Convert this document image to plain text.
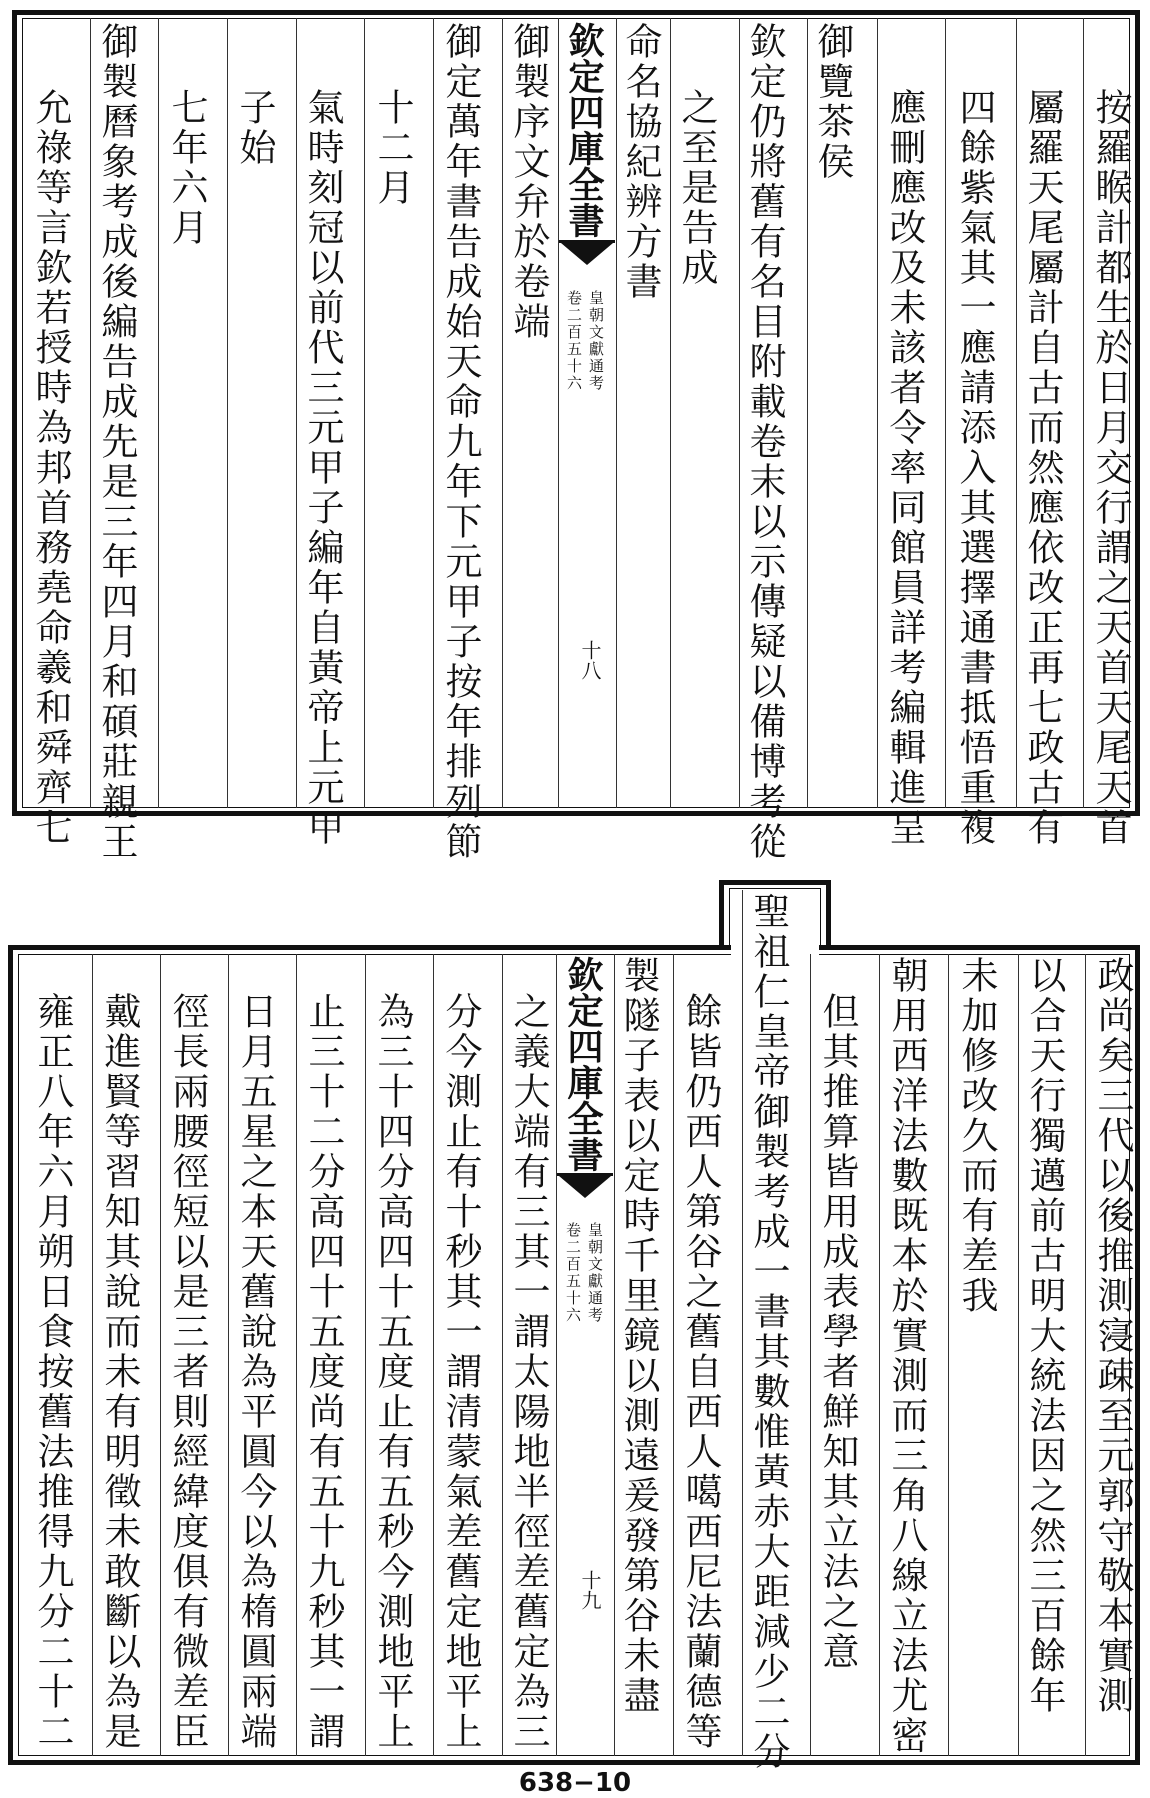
按羅睺計都生於日月交行謂之天首天尾天首
屬羅天尾屬計自古而然應依改正再七政古有
四餘紫氣其一應請添入其選擇通書抵悟重複
應刪應改及未該者令率同館員詳考編輯進呈
御覽茶侯
欽定仍將舊有名目附載卷末以示傳疑以備博考從
之至是告成
命名協紀辨方書
欽定四庫全書
皇朝文獻通考
卷二百五十六
十八
御製序文弁於卷端
御定萬年書告成始天命九年下元甲子按年排列節
十二月
氣時刻冠以前代三元甲子編年自黃帝上元甲
子始
七年六月
御製曆象考成後編告成先是三年四月和碩莊親王
允祿等言欽若授時為邦首務堯命羲和舜齊七
政尚矣三代以後推測寖疎至元郭守敬本實測
以合天行獨邁前古明大統法因之然三百餘年
未加修改久而有差我
朝用西洋法數既本於實測而三角八線立法尤密
但其推算皆用成表學者鮮知其立法之意
聖祖仁皇帝御製考成一書其數惟黃赤大距減少二分
餘皆仍西人第谷之舊自西人噶西尼法蘭德等
製隧子表以定時千里鏡以測遠爰發第谷未盡
欽定四庫全書
皇朝文獻通考
卷二百五十六
十九
之義大端有三其一謂太陽地半徑差舊定為三
分今測止有十秒其一謂清蒙氣差舊定地平上
為三十四分高四十五度止有五秒今測地平上
止三十二分高四十五度尚有五十九秒其一謂
日月五星之本天舊說為平圓今以為楕圓兩端
徑長兩腰徑短以是三者則經緯度俱有微差臣
戴進賢等習知其說而未有明徵未敢斷以為是
雍正八年六月朔日食按舊法推得九分二十二
638−10
